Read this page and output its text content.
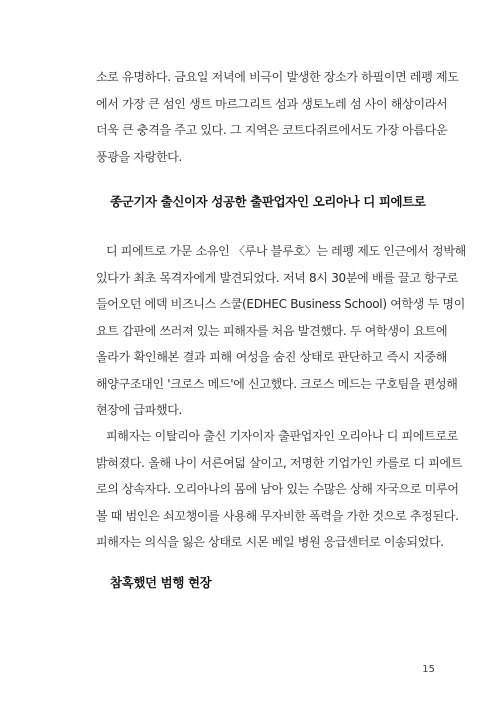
소로 유명하다. 금요일 저녁에 비극이 발생한 장소가 하필이면 레펭 제도
에서 가장 큰 섬인 생트 마르그리트 섬과 생토노레 섬 사이 해상이라서
더욱 큰 충격을 주고 있다. 그 지역은 코트다쥐르에서도 가장 아름다운
풍광을 자랑한다.
종군기자 출신이자 성공한 출판업자인 오리아나 디 피에트로
디 피에트로 가문 소유인 〈루나 블루호〉는 레펭 제도 인근에서 정박해
있다가 최초 목격자에게 발견되었다. 저녁 8시 30분에 배를 끌고 항구로
들어오던 에덱 비즈니스 스쿨(EDHEC Business School) 여학생 두 명이
요트 갑판에 쓰러져 있는 피해자를 처음 발견했다. 두 여학생이 요트에
올라가 확인해본 결과 피해 여성을 숨진 상태로 판단하고 즉시 지중해
해양구조대인 '크로스 메드'에 신고했다. 크로스 메드는 구호팀을 편성해
현장에 급파했다.
피해자는 이탈리아 출신 기자이자 출판업자인 오리아나 디 피에트로로
밝혀졌다. 올해 나이 서른여덟 살이고, 저명한 기업가인 카를로 디 피에트
로의 상속자다. 오리아나의 몸에 남아 있는 수많은 상해 자국으로 미루어
볼 때 범인은 쇠꼬챙이를 사용해 무자비한 폭력을 가한 것으로 추정된다.
피해자는 의식을 잃은 상태로 시몬 베일 병원 응급센터로 이송되었다.
참혹했던 범행 현장
15
